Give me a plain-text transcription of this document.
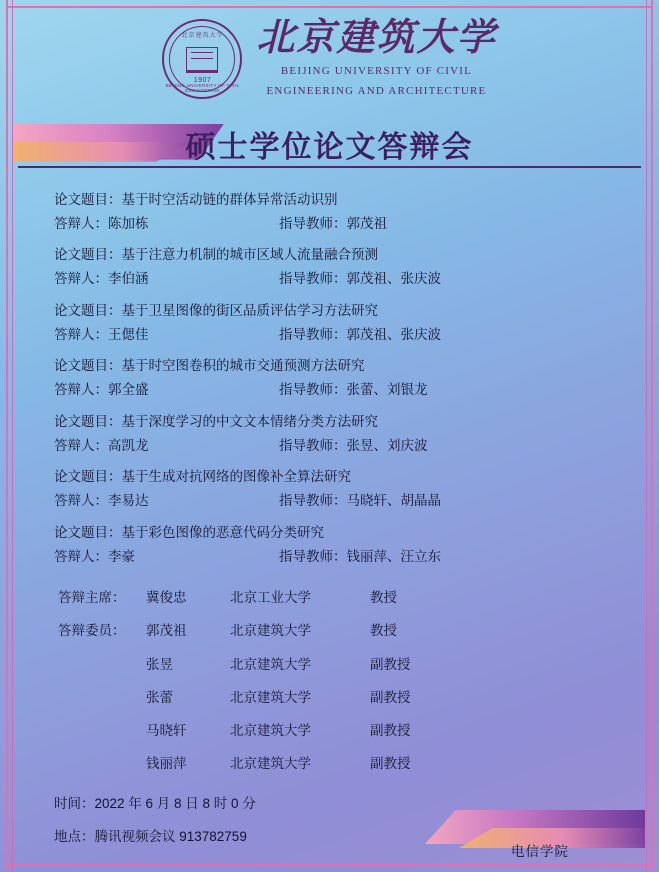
北京建筑大学
1907
BEIJING UNIVERSITY OF CIVIL ENGINEERING
北京建筑大学
BEIJING UNIVERSITY OF CIVIL
ENGINEERING AND ARCHITECTURE
硕士学位论文答辩会
论文题目：基于时空活动链的群体异常活动识别
答辩人：陈加栋	指导教师：郭茂祖
论文题目：基于注意力机制的城市区域人流量融合预测
答辩人：李伯涵	指导教师：郭茂祖、张庆波
论文题目：基于卫星图像的街区品质评估学习方法研究
答辩人：王偲佳	指导教师：郭茂祖、张庆波
论文题目：基于时空图卷积的城市交通预测方法研究
答辩人：郭全盛	指导教师：张蕾、刘银龙
论文题目：基于深度学习的中文文本情绪分类方法研究
答辩人：高凯龙	指导教师：张昱、刘庆波
论文题目：基于生成对抗网络的图像补全算法研究
答辩人：李易达	指导教师：马晓轩、胡晶晶
论文题目：基于彩色图像的恶意代码分类研究
答辩人：李豪	指导教师：钱丽萍、汪立东
答辩主席：	冀俊忠	北京工业大学	教授
答辩委员：	郭茂祖	北京建筑大学	教授
张昱	北京建筑大学	副教授
张蕾	北京建筑大学	副教授
马晓轩	北京建筑大学	副教授
钱丽萍	北京建筑大学	副教授
时间：2022 年 6 月 8 日 8 时 0 分
地点：腾讯视频会议 913782759
电信学院
